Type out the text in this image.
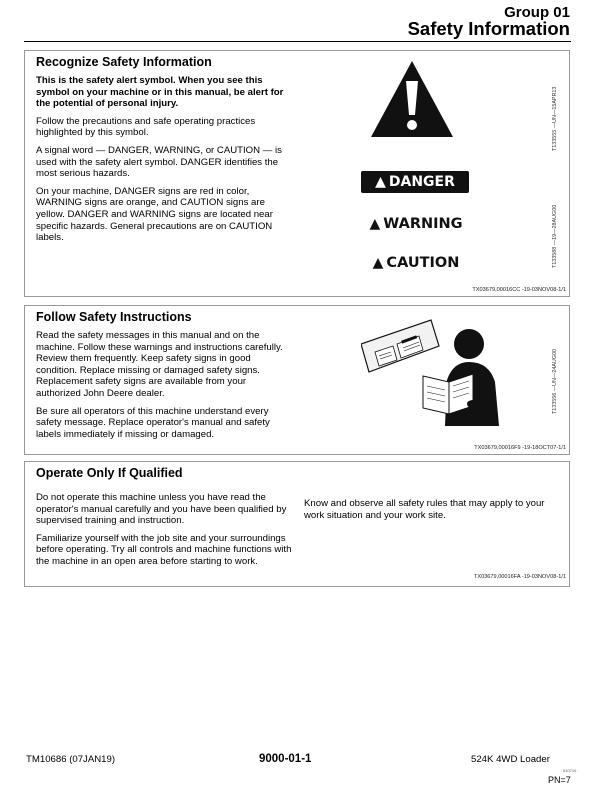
Group 01
Safety Information
Recognize Safety Information

This is the safety alert symbol. When you see this symbol on your machine or in this manual, be alert for the potential of personal injury.

Follow the precautions and safe operating practices highlighted by this symbol.

A signal word — DANGER, WARNING, or CAUTION — is used with the safety alert symbol. DANGER identifies the most serious hazards.

On your machine, DANGER signs are red in color, WARNING signs are orange, and CAUTION signs are yellow. DANGER and WARNING signs are located near specific hazards. General precautions are on CAUTION labels.

T133555 —UN—15APR13
▲ DANGER
▲ WARNING
▲ CAUTION	T133588 —19—28AUG00
TX03679,00016CC -19-03NOV08-1/1
Follow Safety Instructions

Read the safety messages in this manual and on the machine. Follow these warnings and instructions carefully. Review them frequently. Keep safety signs in good condition. Replace missing or damaged safety signs. Replacement safety signs are available from your authorized John Deere dealer.

Be sure all operators of this machine understand every safety message. Replace operator's manual and safety labels immediately if missing or damaged.

T133556 —UN—24AUG00
TX03679,00016F9 -19-18OCT07-1/1
Operate Only If Qualified

Do not operate this machine unless you have read the operator's manual carefully and you have been qualified by supervised training and instruction.

Familiarize yourself with the job site and your surroundings before operating. Try all controls and machine functions with the machine in an open area before starting to work.

Know and observe all safety rules that may apply to your work situation and your work site.

TX03679,00016FA -19-03NOV08-1/1
TM10686 (07JAN19)	9000-01-1	524K 4WD Loader
010719
PN=7
